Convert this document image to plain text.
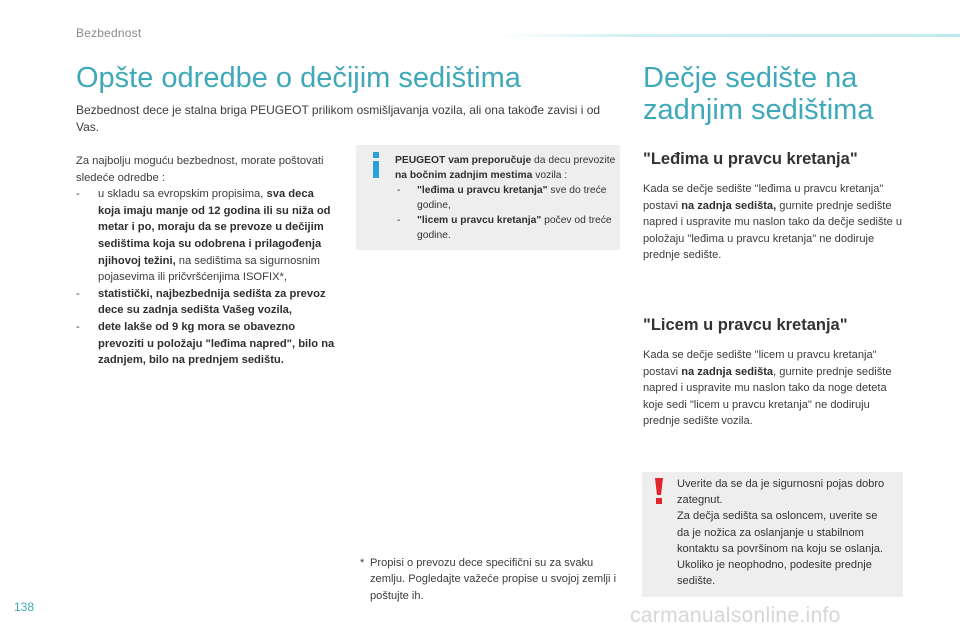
Bezbednost
Opšte odredbe o dečijim sedištima

Bezbednost dece je stalna briga PEUGEOT prilikom osmišljavanja vozila, ali ona takođe zavisi i od Vas.

Za najbolju moguću bezbednost, morate poštovati sledeće odredbe :

- u skladu sa evropskim propisima, sva deca koja imaju manje od 12 godina ili su niža od metar i po, moraju da se prevoze u dečijim sedištima koja su odobrena i prilagođenja njihovoj težini, na sedištima sa sigurnosnim pojasevima ili pričvršćenjima ISOFIX*,
- statistički, najbezbednija sedišta za prevoz dece su zadnja sedišta Vašeg vozila,
- dete lakše od 9 kg mora se obavezno prevoziti u položaju "leđima napred", bilo na zadnjem, bilo na prednjem sedištu.

PEUGEOT vam preporučuje da decu prevozite na bočnim zadnjim mestima vozila :

- "leđima u pravcu kretanja" sve do treće godine,
- "licem u pravcu kretanja" počev od treće godine.
* Propisi o prevozu dece specifični su za svaku zemlju. Pogledajte važeće propise u svojoj zemlji i poštujte ih.
Dečje sedište na zadnjim sedištima
"Leđima u pravcu kretanja"

Kada se dečje sedište "leđima u pravcu kretanja" postavi na zadnja sedišta, gurnite prednje sedište napred i uspravite mu naslon tako da dečje sedište u položaju "leđima u pravcu kretanja" ne dodiruje prednje sedište.

"Licem u pravcu kretanja"

Kada se dečje sedište "licem u pravcu kretanja" postavi na zadnja sedišta, gurnite prednje sedište napred i uspravite mu naslon tako da noge deteta koje sedi "licem u pravcu kretanja" ne dodiruju prednje sedište vozila.

Uverite da se da je sigurnosni pojas dobro zategnut.
Za dečja sedišta sa osloncem, uverite se da je nožica za oslanjanje u stabilnom kontaktu sa površinom na koju se oslanja. Ukoliko je neophodno, podesite prednje sedište.

138	carmanualsonline.info
